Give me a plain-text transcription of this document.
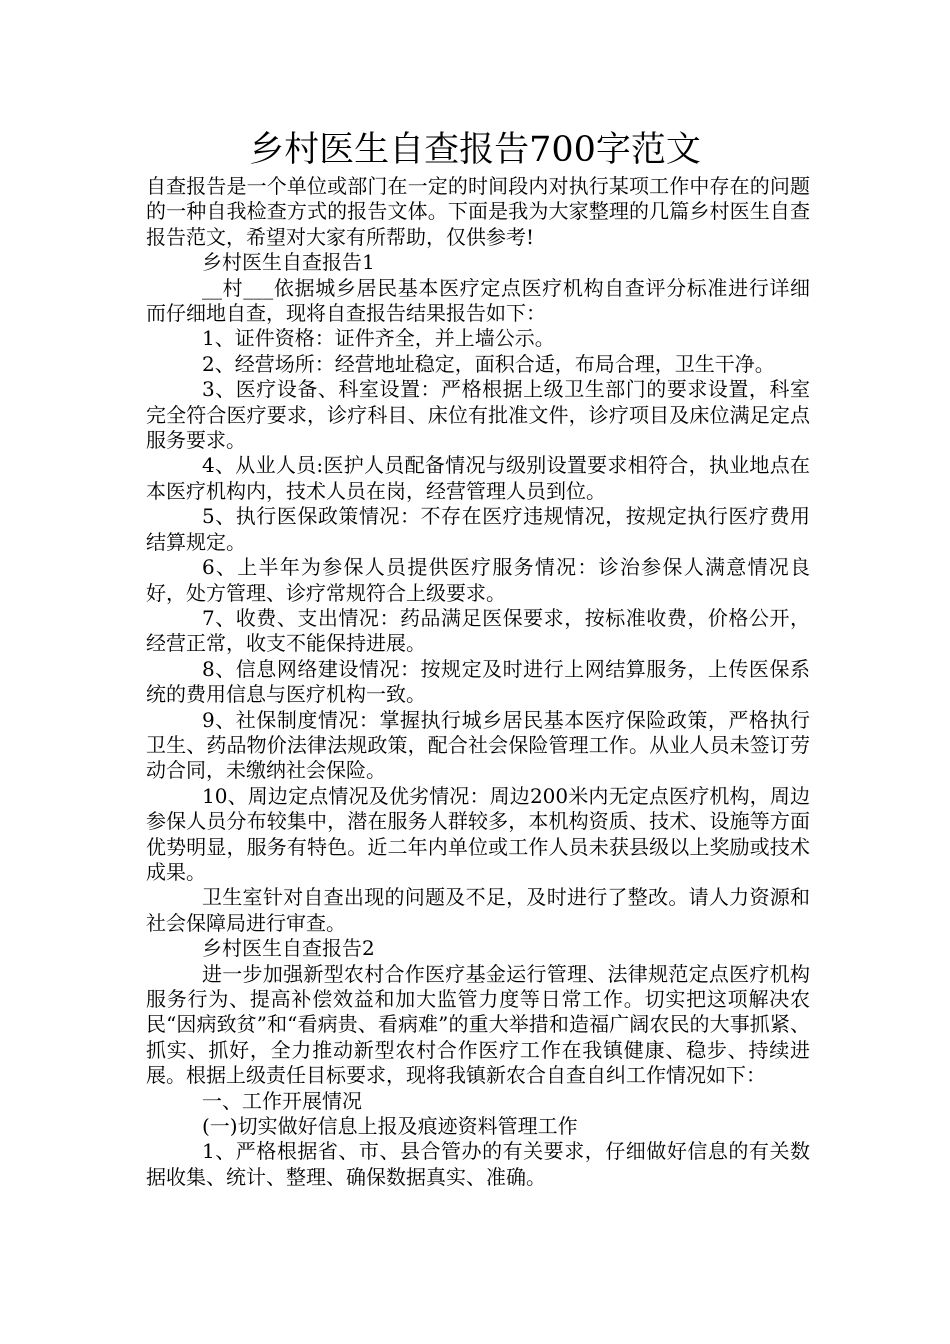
乡村医生自查报告700字范文

自查报告是一个单位或部门在一定的时间段内对执行某项工作中存在的问题的一种自我检查方式的报告文体。下面是我为大家整理的几篇乡村医生自查报告范文，希望对大家有所帮助，仅供参考!

乡村医生自查报告1

__村___依据城乡居民基本医疗定点医疗机构自查评分标准进行详细而仔细地自查，现将自查报告结果报告如下：

1、证件资格：证件齐全，并上墙公示。

2、经营场所：经营地址稳定，面积合适，布局合理，卫生干净。

3、医疗设备、科室设置：严格根据上级卫生部门的要求设置，科室完全符合医疗要求，诊疗科目、床位有批准文件，诊疗项目及床位满足定点服务要求。

4、从业人员:医护人员配备情况与级别设置要求相符合，执业地点在本医疗机构内，技术人员在岗，经营管理人员到位。

5、执行医保政策情况：不存在医疗违规情况，按规定执行医疗费用结算规定。

6、上半年为参保人员提供医疗服务情况：诊治参保人满意情况良好，处方管理、诊疗常规符合上级要求。

7、收费、支出情况：药品满足医保要求，按标准收费，价格公开，经营正常，收支不能保持进展。

8、信息网络建设情况：按规定及时进行上网结算服务，上传医保系统的费用信息与医疗机构一致。

9、社保制度情况：掌握执行城乡居民基本医疗保险政策，严格执行卫生、药品物价法律法规政策，配合社会保险管理工作。从业人员未签订劳动合同，未缴纳社会保险。

10、周边定点情况及优劣情况：周边200米内无定点医疗机构，周边参保人员分布较集中，潜在服务人群较多，本机构资质、技术、设施等方面优势明显，服务有特色。近二年内单位或工作人员未获县级以上奖励或技术成果。

卫生室针对自查出现的问题及不足，及时进行了整改。请人力资源和社会保障局进行审查。

乡村医生自查报告2

进一步加强新型农村合作医疗基金运行管理、法律规范定点医疗机构服务行为、提高补偿效益和加大监管力度等日常工作。切实把这项解决农民“因病致贫”和“看病贵、看病难”的重大举措和造福广阔农民的大事抓紧、抓实、抓好，全力推动新型农村合作医疗工作在我镇健康、稳步、持续进展。根据上级责任目标要求，现将我镇新农合自查自纠工作情况如下：

一、工作开展情况

(一)切实做好信息上报及痕迹资料管理工作

1、严格根据省、市、县合管办的有关要求，仔细做好信息的有关数据收集、统计、整理、确保数据真实、准确。
